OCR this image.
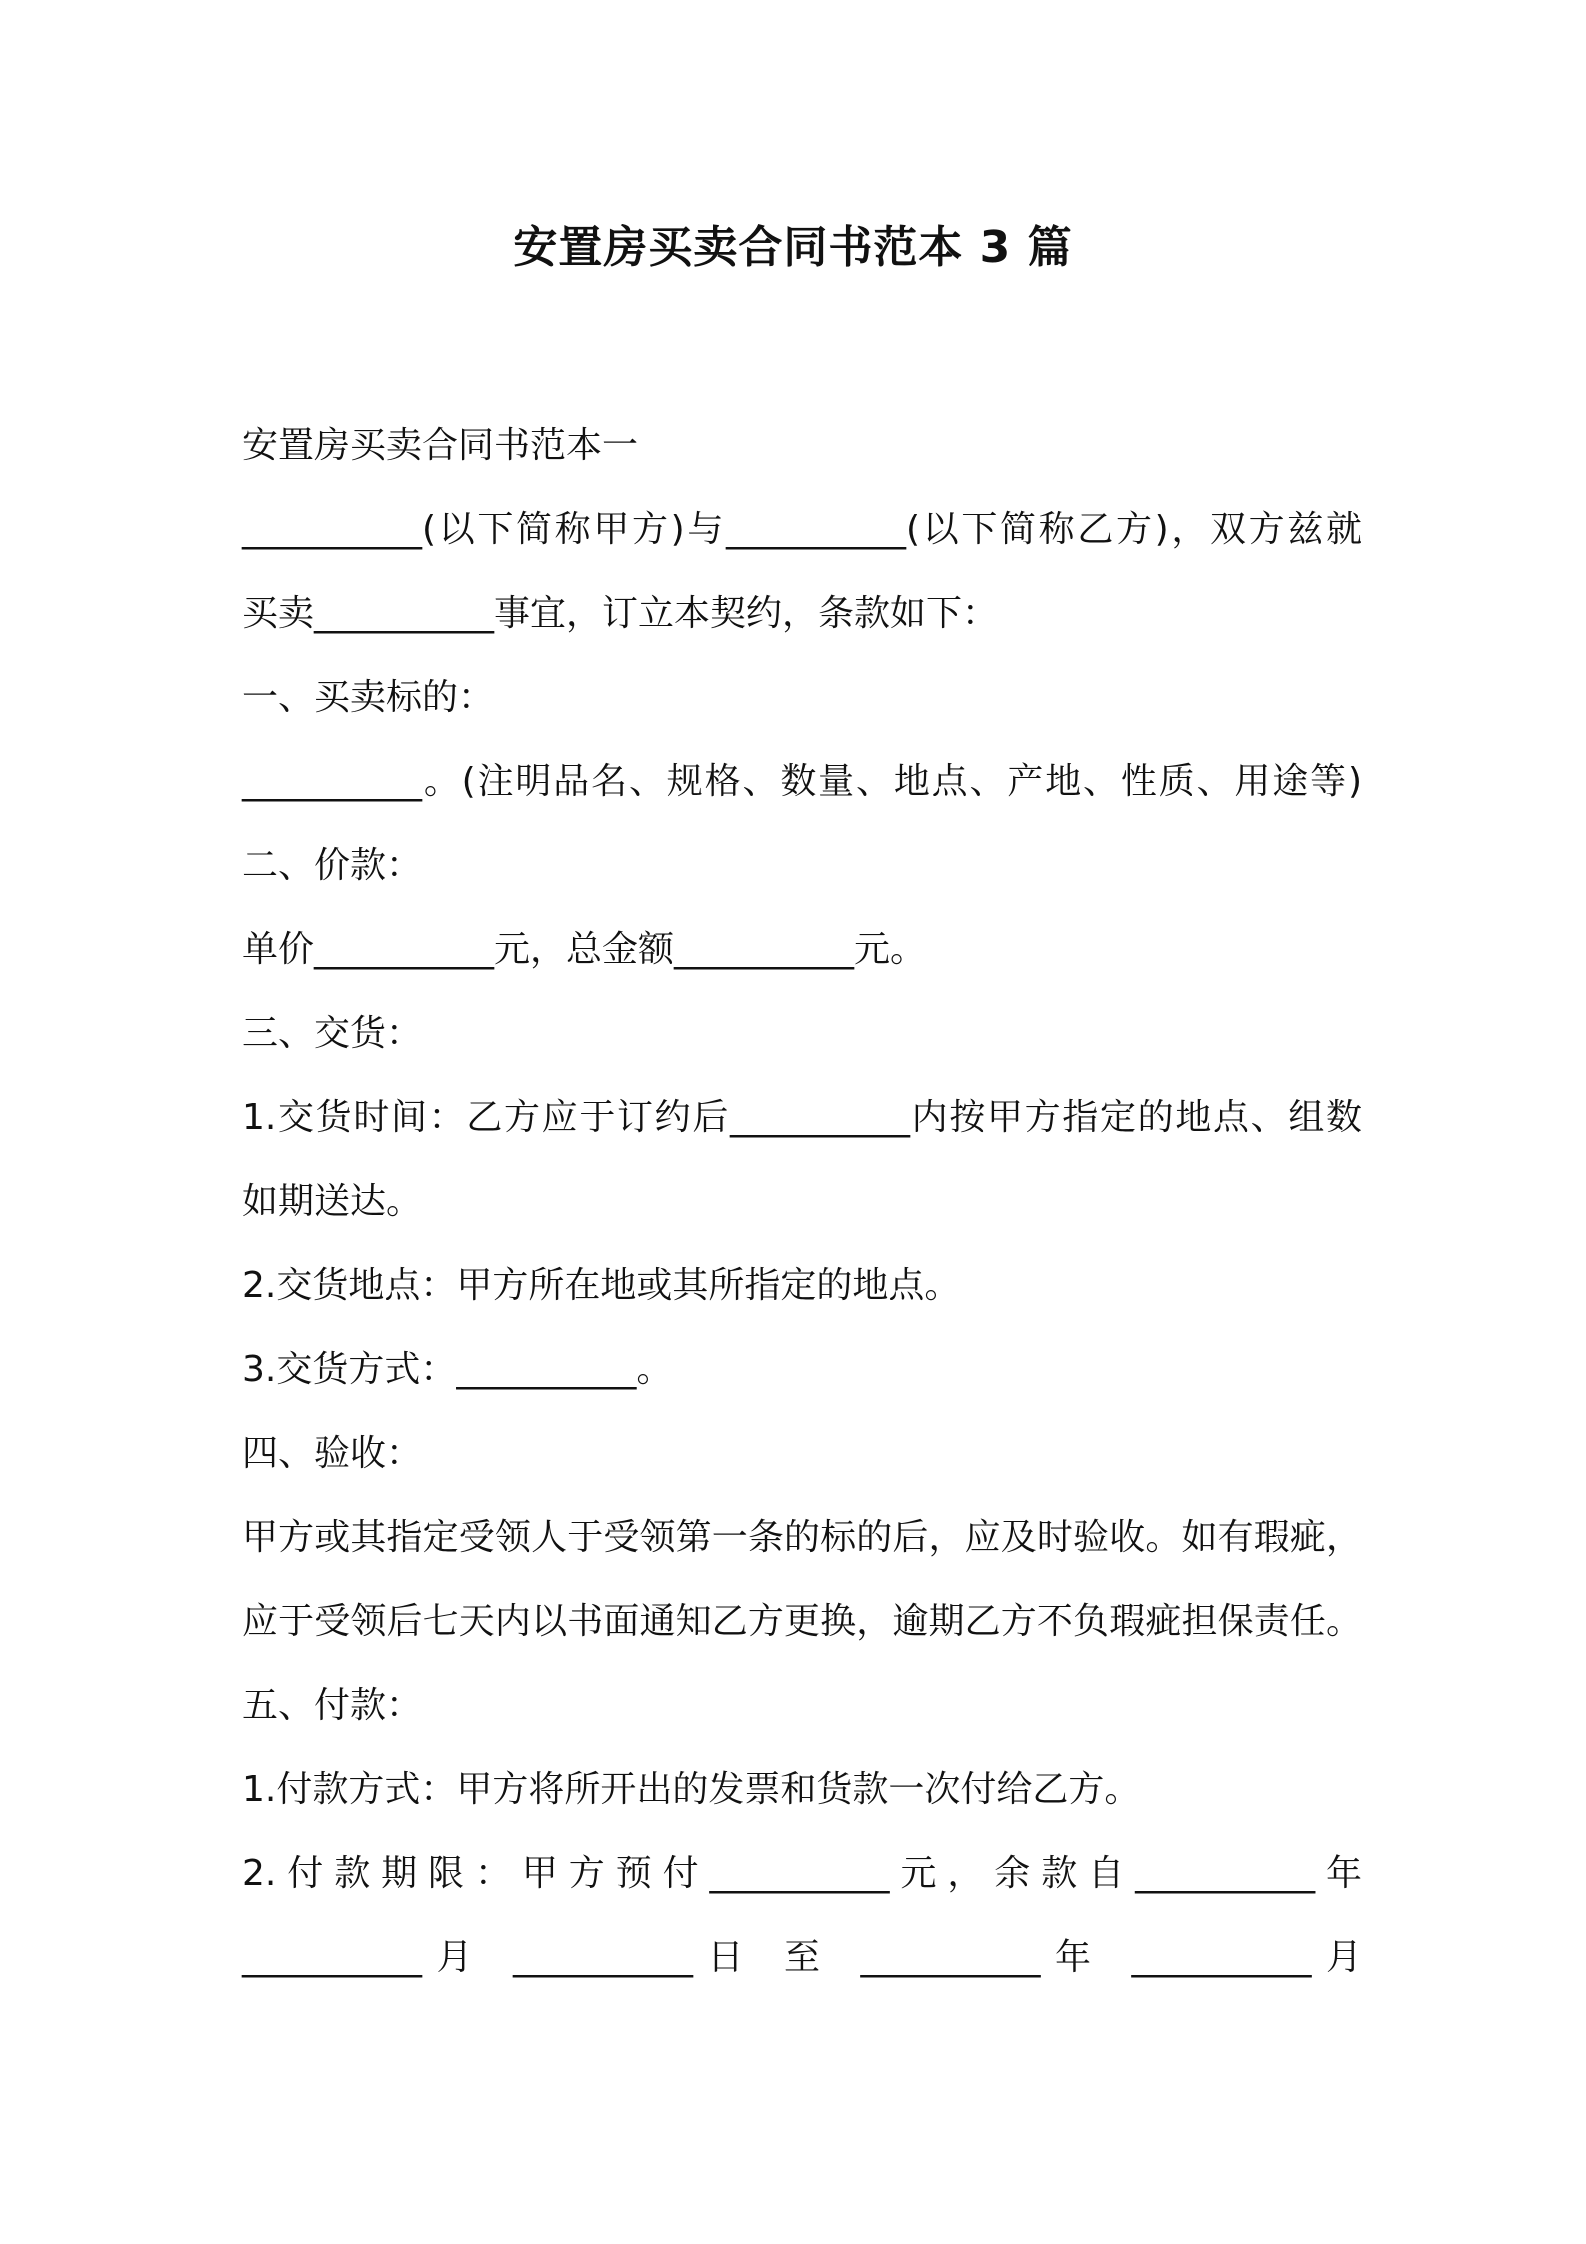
安置房买卖合同书范本 3 篇
安置房买卖合同书范本一
__________(以下简称甲方)与__________(以下简称乙方)，双方兹就
买卖__________事宜，订立本契约，条款如下：
一、买卖标的：
__________。(注明品名、规格、数量、地点、产地、性质、用途等)
二、价款：
单价__________元，总金额__________元。
三、交货：
1.交货时间：乙方应于订约后__________内按甲方指定的地点、组数
如期送达。
2.交货地点：甲方所在地或其所指定的地点。
3.交货方式：__________。
四、验收：
甲方或其指定受领人于受领第一条的标的后，应及时验收。如有瑕疵，
应于受领后七天内以书面通知乙方更换，逾期乙方不负瑕疵担保责任。
五、付款：
1.付款方式：甲方将所开出的发票和货款一次付给乙方。
2.付款期限：甲方预付__________元，余款自__________年
__________月 __________日 至 __________年 __________月
